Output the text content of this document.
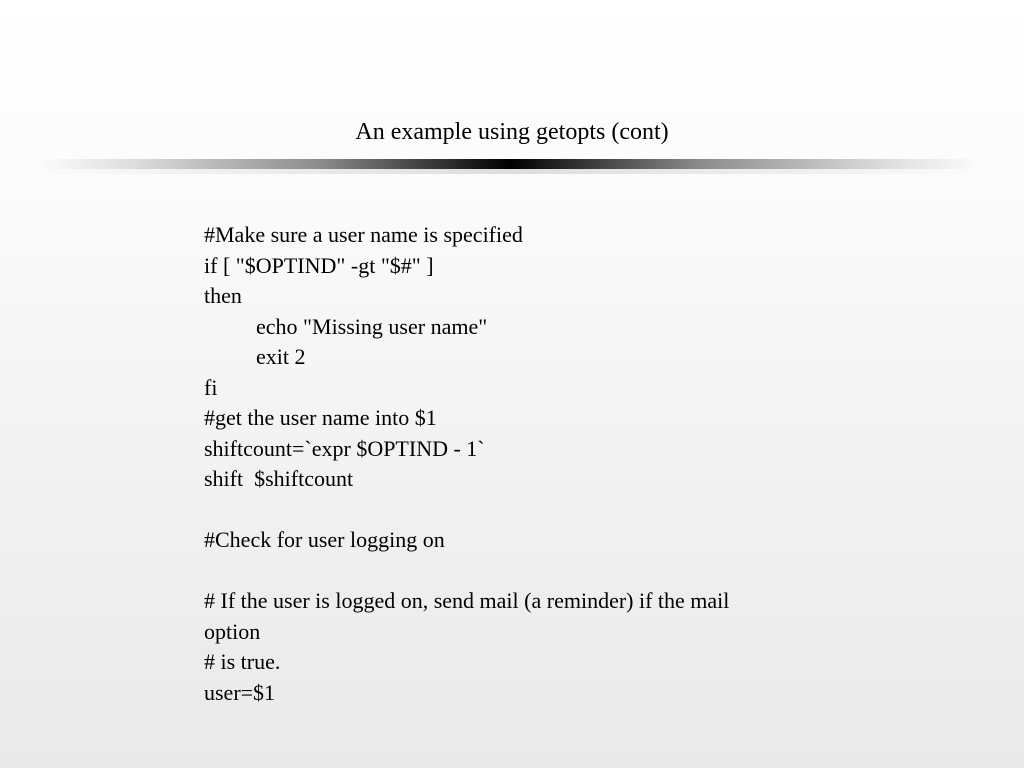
An example using getopts (cont)
#Make sure a user name is specified
if [ "$OPTIND" -gt "$#" ]
then
echo "Missing user name"
exit 2
fi
#get the user name into $1
shiftcount=`expr $OPTIND - 1`
shift  $shiftcount
#Check for user logging on
# If the user is logged on, send mail (a reminder) if the mail
option
# is true.
user=$1
